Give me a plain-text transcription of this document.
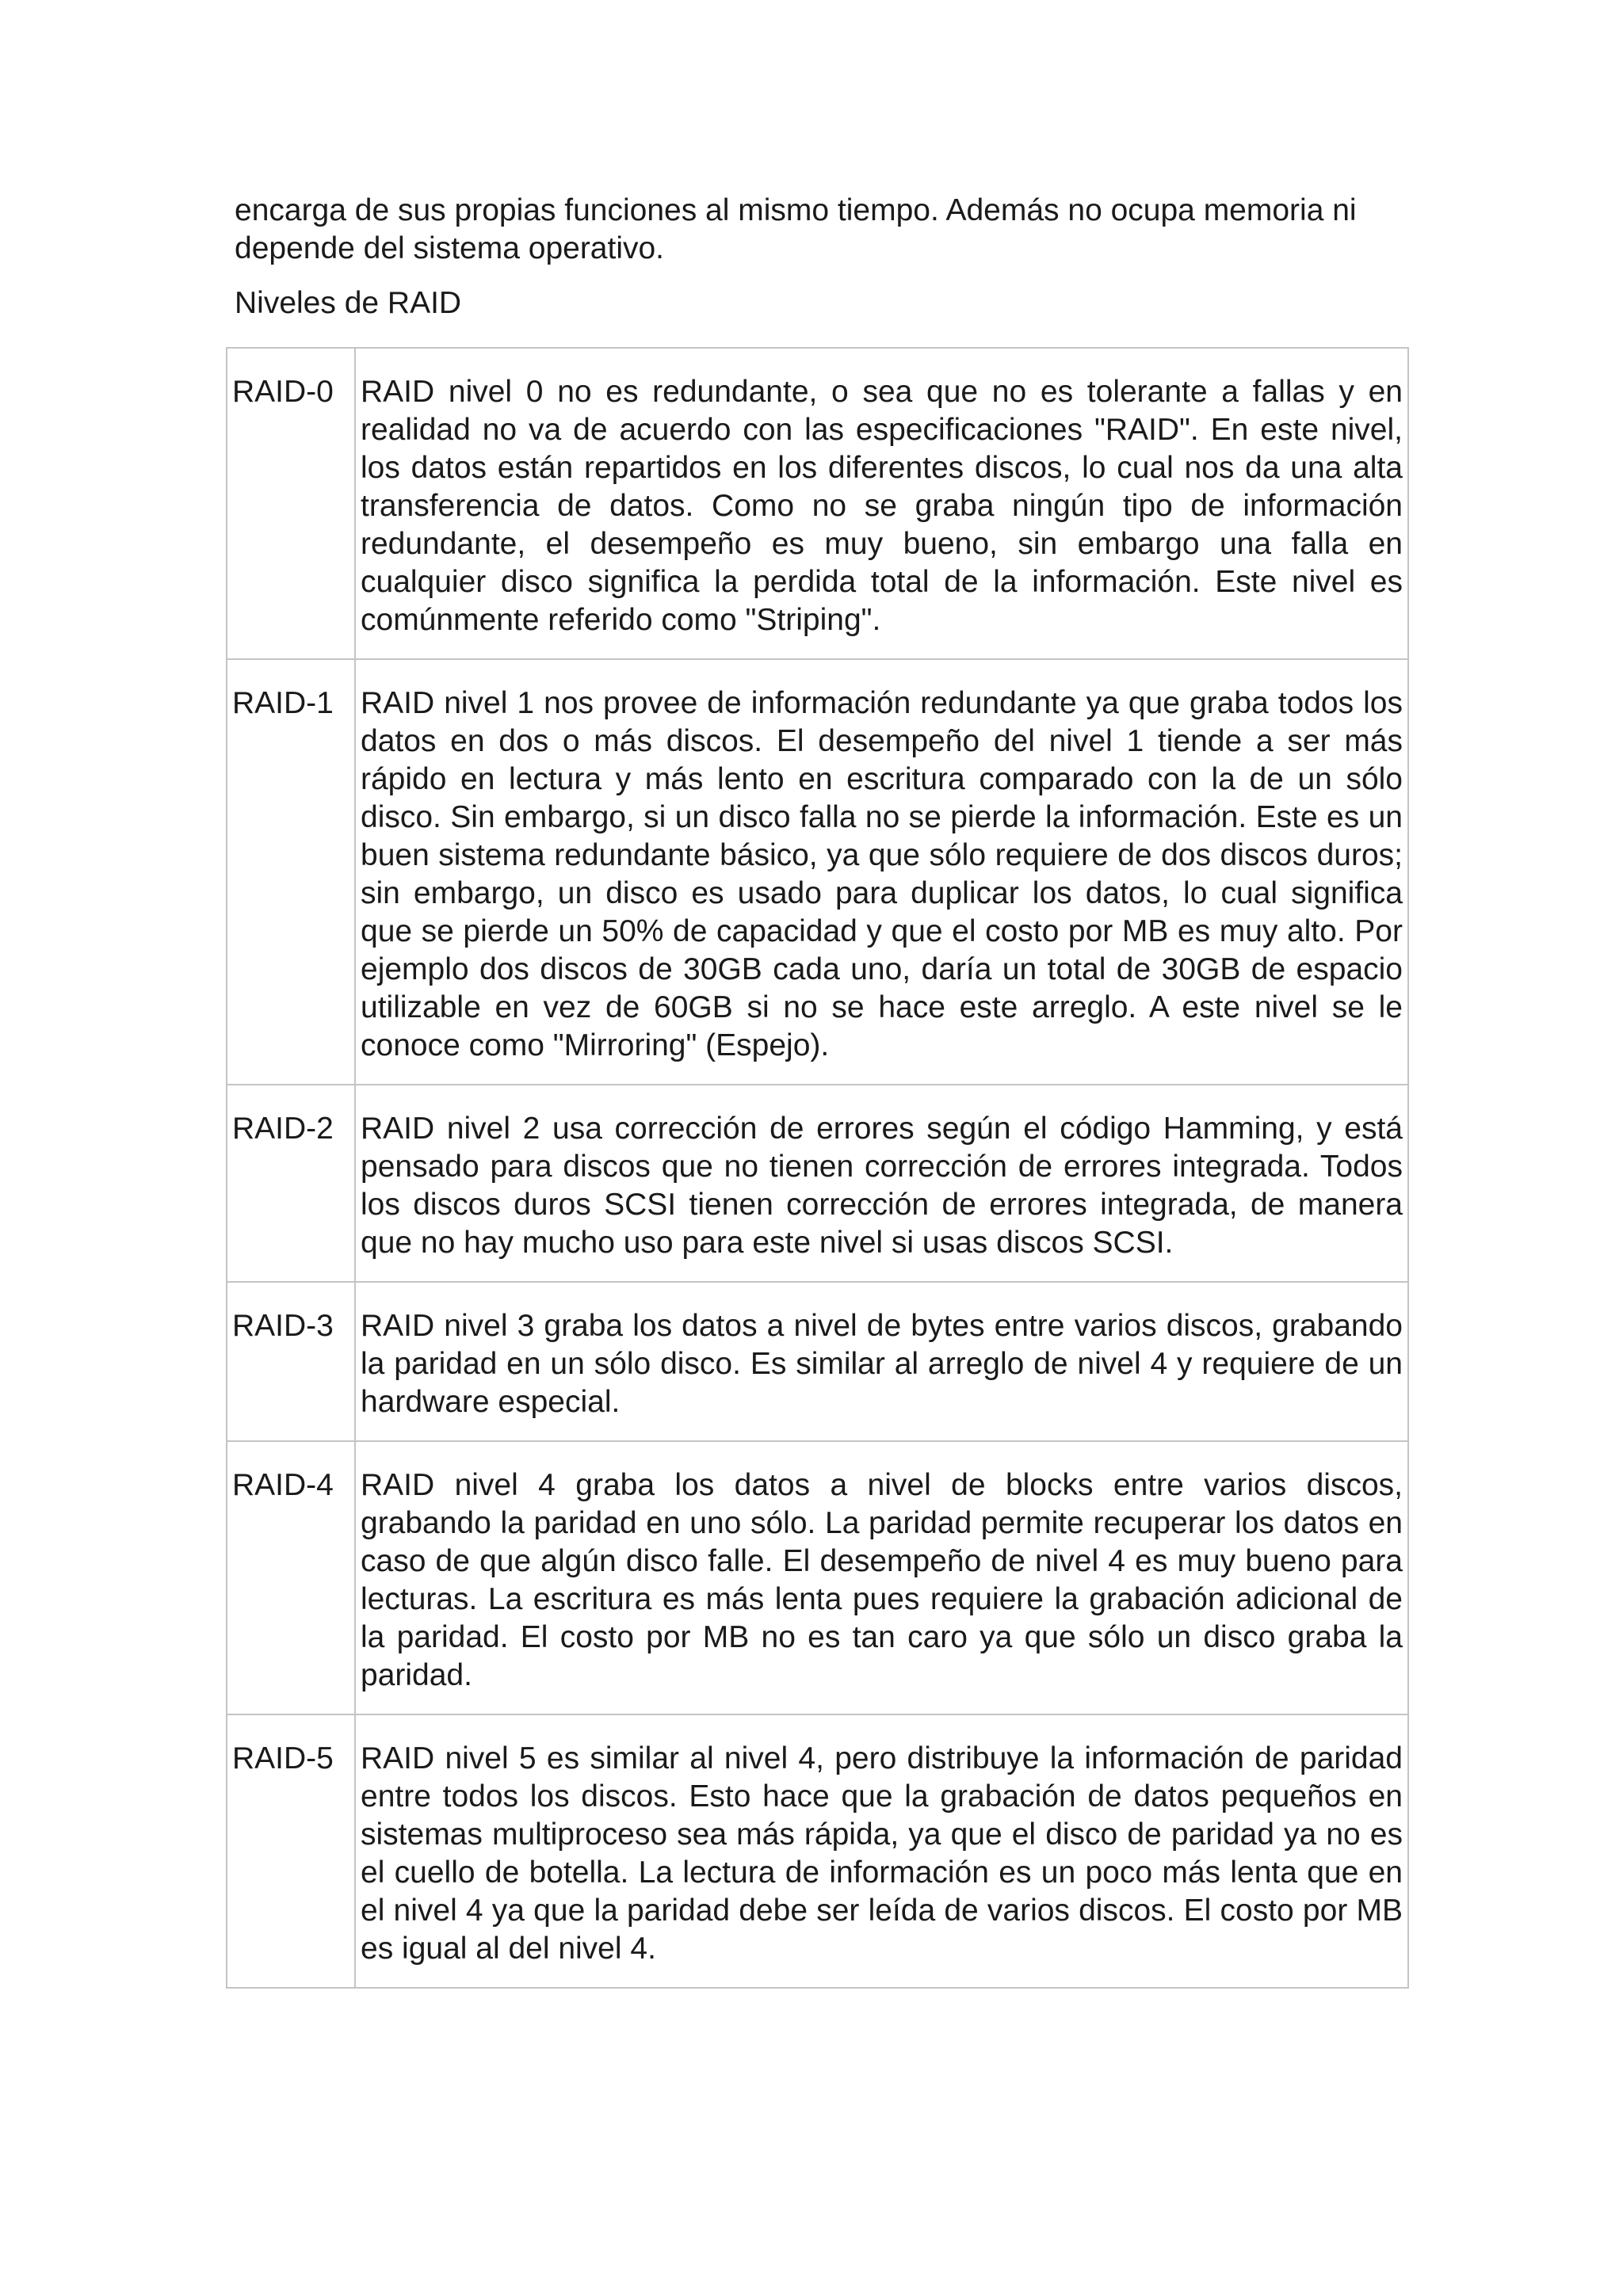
encarga de sus propias funciones al mismo tiempo. Además no ocupa memoria ni depende del sistema operativo.

Niveles de RAID

RAID-0	RAID nivel 0 no es redundante, o sea que no es tolerante a fallas y en realidad no va de acuerdo con las especificaciones "RAID". En este nivel, los datos están repartidos en los diferentes discos, lo cual nos da una alta transferencia de datos. Como no se graba ningún tipo de información redundante, el desempeño es muy bueno, sin embargo una falla en cualquier disco significa la perdida total de la información. Este nivel es comúnmente referido como "Striping".
RAID-1	RAID nivel 1 nos provee de información redundante ya que graba todos los datos en dos o más discos. El desempeño del nivel 1 tiende a ser más rápido en lectura y más lento en escritura comparado con la de un sólo disco. Sin embargo, si un disco falla no se pierde la información. Este es un buen sistema redundante básico, ya que sólo requiere de dos discos duros; sin embargo, un disco es usado para duplicar los datos, lo cual significa que se pierde un 50% de capacidad y que el costo por MB es muy alto. Por ejemplo dos discos de 30GB cada uno, daría un total de 30GB de espacio utilizable en vez de 60GB si no se hace este arreglo. A este nivel se le conoce como "Mirroring" (Espejo).
RAID-2	RAID nivel 2 usa corrección de errores según el código Hamming, y está pensado para discos que no tienen corrección de errores integrada. Todos los discos duros SCSI tienen corrección de errores integrada, de manera que no hay mucho uso para este nivel si usas discos SCSI.
RAID-3	RAID nivel 3 graba los datos a nivel de bytes entre varios discos, grabando la paridad en un sólo disco. Es similar al arreglo de nivel 4 y requiere de un hardware especial.
RAID-4	RAID nivel 4 graba los datos a nivel de blocks entre varios discos, grabando la paridad en uno sólo. La paridad permite recuperar los datos en caso de que algún disco falle. El desempeño de nivel 4 es muy bueno para lecturas. La escritura es más lenta pues requiere la grabación adicional de la paridad. El costo por MB no es tan caro ya que sólo un disco graba la paridad.
RAID-5	RAID nivel 5 es similar al nivel 4, pero distribuye la información de paridad entre todos los discos. Esto hace que la grabación de datos pequeños en sistemas multiproceso sea más rápida, ya que el disco de paridad ya no es el cuello de botella. La lectura de información es un poco más lenta que en el nivel 4 ya que la paridad debe ser leída de varios discos. El costo por MB es igual al del nivel 4.
